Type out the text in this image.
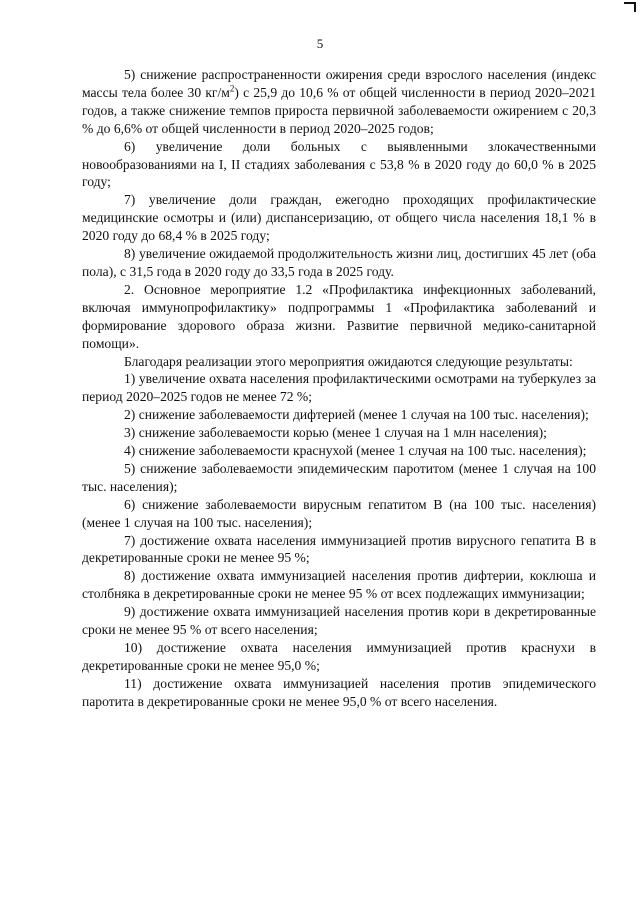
5

5) снижение распространенности ожирения среди взрослого населения (индекс массы тела более 30 $кг/м^2$) с 25,9 до 10,6 % от общей численности в период 2020–2021 годов, а также снижение темпов прироста первичной заболеваемости ожирением с 20,3 % до 6,6% от общей численности в период 2020–2025 годов;

6) увеличение доли больных с выявленными злокачественными новообразованиями на I, II стадиях заболевания с 53,8 % в 2020 году до 60,0 % в 2025 году;

7) увеличение доли граждан, ежегодно проходящих профилактические медицинские осмотры и (или) диспансеризацию, от общего числа населения 18,1 % в 2020 году до 68,4 % в 2025 году;

8) увеличение ожидаемой продолжительность жизни лиц, достигших 45 лет (оба пола), с 31,5 года в 2020 году до 33,5 года в 2025 году.

2. Основное мероприятие 1.2 «Профилактика инфекционных заболеваний, включая иммунопрофилактику» подпрограммы 1 «Профилактика заболеваний и формирование здорового образа жизни. Развитие первичной медико-санитарной помощи».

Благодаря реализации этого мероприятия ожидаются следующие результаты:

1) увеличение охвата населения профилактическими осмотрами на туберкулез за период 2020–2025 годов не менее 72 %;

2) снижение заболеваемости дифтерией (менее 1 случая на 100 тыс. населения);

3) снижение заболеваемости корью (менее 1 случая на 1 млн населения);

4) снижение заболеваемости краснухой (менее 1 случая на 100 тыс. населения);

5) снижение заболеваемости эпидемическим паротитом (менее 1 случая на 100 тыс. населения);

6) снижение заболеваемости вирусным гепатитом В (на 100 тыс. населения) (менее 1 случая на 100 тыс. населения);

7) достижение охвата населения иммунизацией против вирусного гепатита В в декретированные сроки не менее 95 %;

8) достижение охвата иммунизацией населения против дифтерии, коклюша и столбняка в декретированные сроки не менее 95 % от всех подлежащих иммунизации;

9) достижение охвата иммунизацией населения против кори в декретированные сроки не менее 95 % от всего населения;

10) достижение охвата населения иммунизацией против краснухи в декретированные сроки не менее 95,0 %;

11) достижение охвата иммунизацией населения против эпидемического паротита в декретированные сроки не менее 95,0 % от всего населения.
